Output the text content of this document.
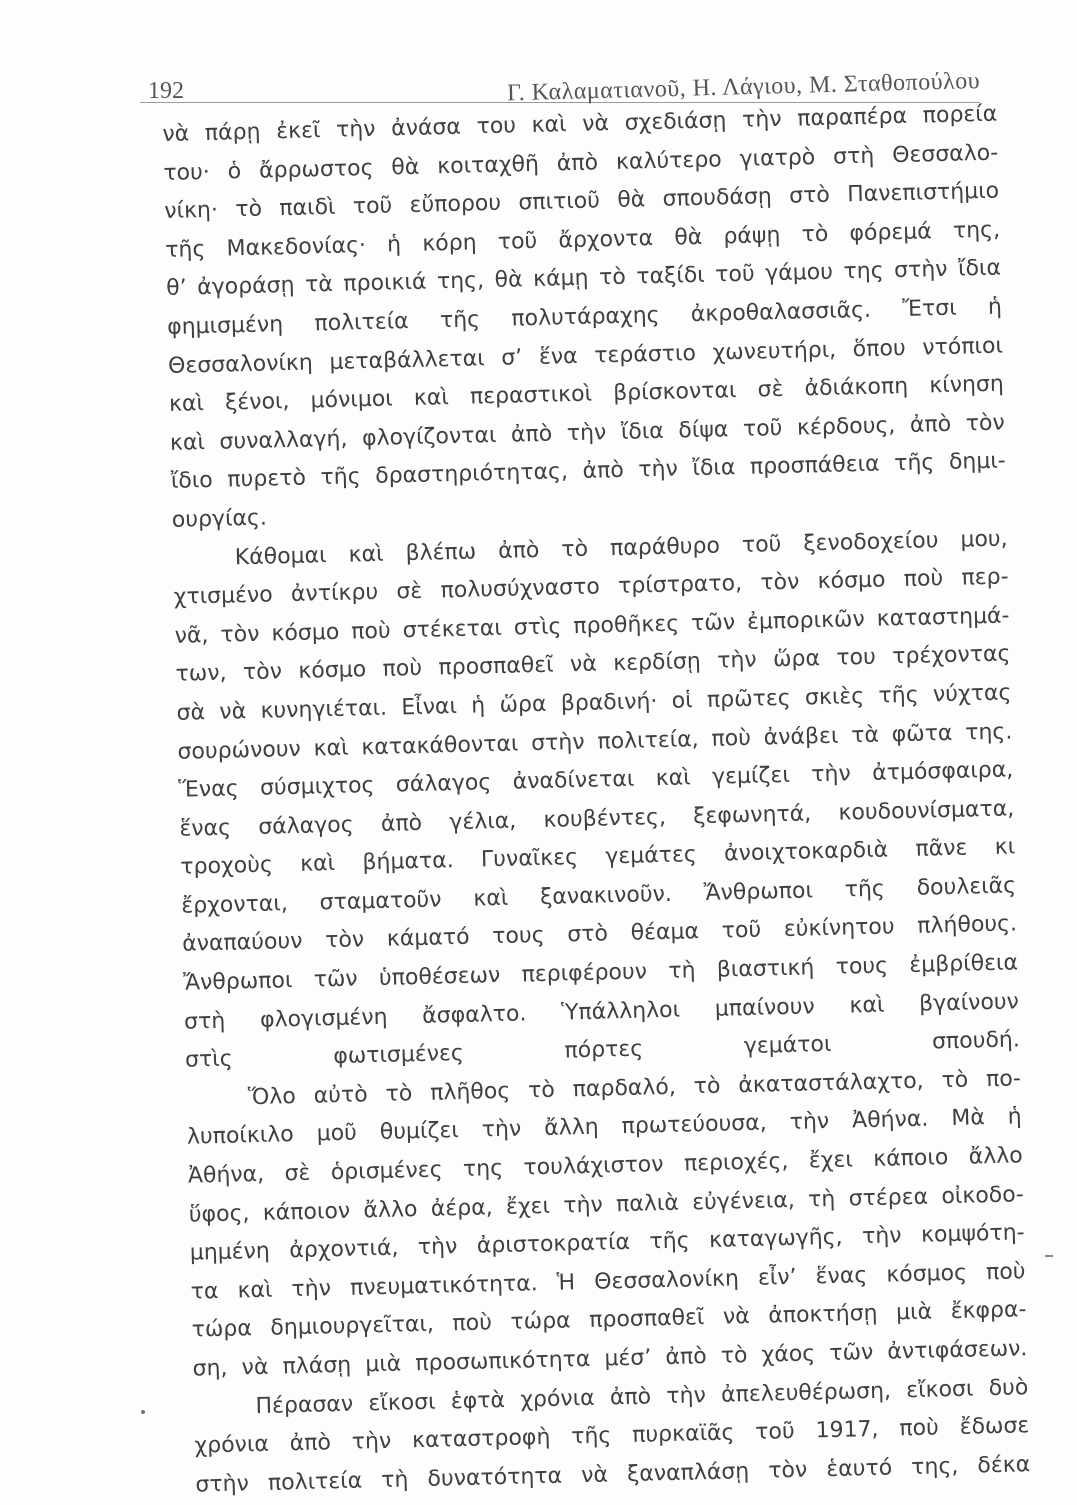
192	Γ. Καλαματιανοῦ, Η. Λάγιου, Μ. Σταθοπούλου
νὰ πάρῃ ἐκεῖ τὴν ἀνάσα του καὶ νὰ σχεδιάσῃ τὴν παραπέρα πορεία
του· ὁ ἄρρωστος θὰ κοιταχθῆ ἀπὸ καλύτερο γιατρὸ στὴ Θεσσαλο-
νίκη· τὸ παιδὶ τοῦ εὔπορου σπιτιοῦ θὰ σπουδάσῃ στὸ Πανεπιστήμιο
τῆς Μακεδονίας· ἡ κόρη τοῦ ἄρχοντα θὰ ράψῃ τὸ φόρεμά της,
θ’ ἀγοράσῃ τὰ προικιά της, θὰ κάμῃ τὸ ταξίδι τοῦ γάμου της στὴν ἴδια
φημισμένη πολιτεία τῆς πολυτάραχης ἀκροθαλασσιᾶς. Ἔτσι ἡ
Θεσσαλονίκη μεταβάλλεται σ’ ἕνα τεράστιο χωνευτήρι, ὅπου ντόπιοι
καὶ ξένοι, μόνιμοι καὶ περαστικοὶ βρίσκονται σὲ ἀδιάκοπη κίνηση
καὶ συναλλαγή, φλογίζονται ἀπὸ τὴν ἴδια δίψα τοῦ κέρδους, ἀπὸ τὸν
ἴδιο πυρετὸ τῆς δραστηριότητας, ἀπὸ τὴν ἴδια προσπάθεια τῆς δημι-
ουργίας.
Κάθομαι καὶ βλέπω ἀπὸ τὸ παράθυρο τοῦ ξενοδοχείου μου,
χτισμένο ἀντίκρυ σὲ πολυσύχναστο τρίστρατο, τὸν κόσμο ποὺ περ-
νᾶ, τὸν κόσμο ποὺ στέκεται στὶς προθῆκες τῶν ἐμπορικῶν καταστημά-
των, τὸν κόσμο ποὺ προσπαθεῖ νὰ κερδίσῃ τὴν ὥρα του τρέχοντας
σὰ νὰ κυνηγιέται. Εἶναι ἡ ὥρα βραδινή· οἱ πρῶτες σκιὲς τῆς νύχτας
σουρώνουν καὶ κατακάθονται στὴν πολιτεία, ποὺ ἀνάβει τὰ φῶτα της.
Ἕνας σύσμιχτος σάλαγος ἀναδίνεται καὶ γεμίζει τὴν ἀτμόσφαιρα,
ἕνας σάλαγος ἀπὸ γέλια, κουβέντες, ξεφωνητά, κουδουνίσματα,
τροχοὺς καὶ βήματα. Γυναῖκες γεμάτες ἀνοιχτοκαρδιὰ πᾶνε κι
ἔρχονται, σταματοῦν καὶ ξανακινοῦν. Ἄνθρωποι τῆς δουλειᾶς
ἀναπαύουν τὸν κάματό τους στὸ θέαμα τοῦ εὐκίνητου πλήθους.
Ἄνθρωποι τῶν ὑποθέσεων περιφέρουν τὴ βιαστική τους ἐμβρίθεια
στὴ φλογισμένη ἄσφαλτο. Ὑπάλληλοι μπαίνουν καὶ βγαίνουν
στὶς φωτισμένες πόρτες γεμάτοι σπουδή.
Ὅλο αὐτὸ τὸ πλῆθος τὸ παρδαλό, τὸ ἀκαταστάλαχτο, τὸ πο-
λυποίκιλο μοῦ θυμίζει τὴν ἄλλη πρωτεύουσα, τὴν Ἀθήνα. Μὰ ἡ
Ἀθήνα, σὲ ὁρισμένες της τουλάχιστον περιοχές, ἔχει κάποιο ἄλλο
ὕφος, κάποιον ἄλλο ἀέρα, ἔχει τὴν παλιὰ εὐγένεια, τὴ στέρεα οἰκοδο-
μημένη ἀρχοντιά, τὴν ἀριστοκρατία τῆς καταγωγῆς, τὴν κομψότη-
τα καὶ τὴν πνευματικότητα. Ἡ Θεσσαλονίκη εἶν’ ἕνας κόσμος ποὺ
τώρα δημιουργεῖται, ποὺ τώρα προσπαθεῖ νὰ ἀποκτήσῃ μιὰ ἔκφρα-
ση, νὰ πλάσῃ μιὰ προσωπικότητα μέσ’ ἀπὸ τὸ χάος τῶν ἀντιφάσεων.
Πέρασαν εἴκοσι ἑφτὰ χρόνια ἀπὸ τὴν ἀπελευθέρωση, εἴκοσι δυὸ
χρόνια ἀπὸ τὴν καταστροφὴ τῆς πυρκαϊᾶς τοῦ 1917, ποὺ ἔδωσε
στὴν πολιτεία τὴ δυνατότητα νὰ ξαναπλάσῃ τὸν ἑαυτό της, δέκα
